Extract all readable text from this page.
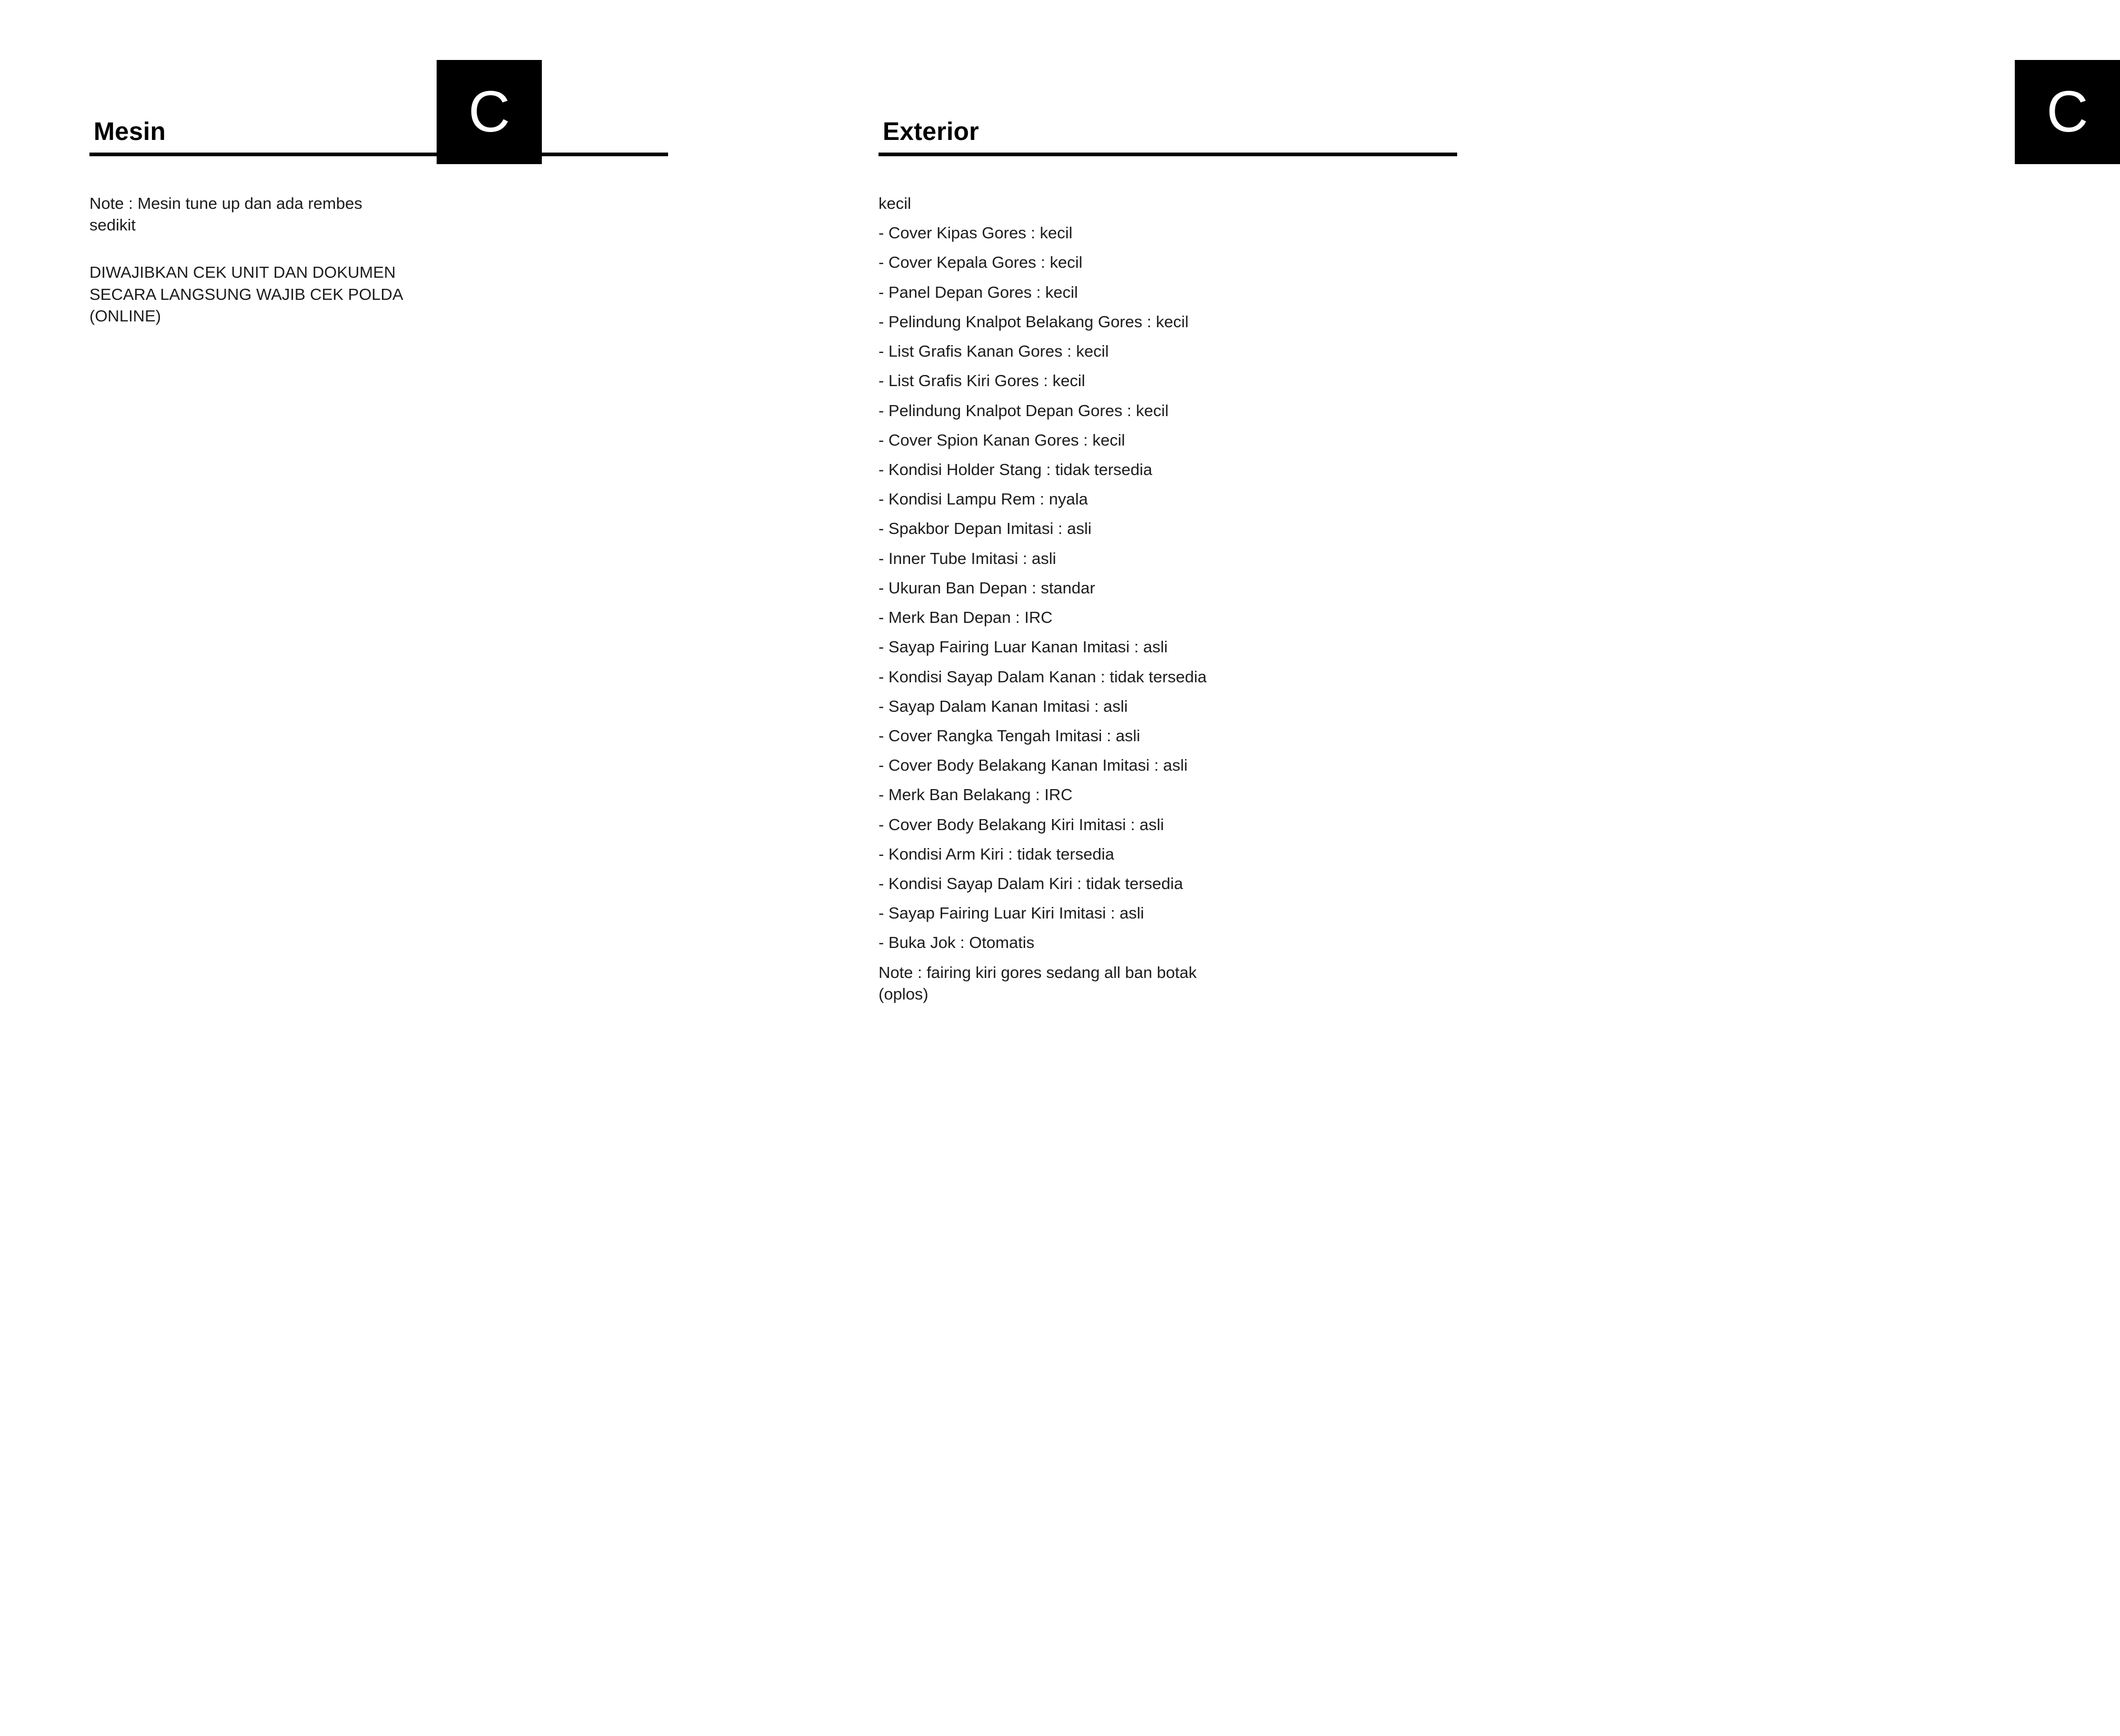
Mesin	C
Note : Mesin tune up dan ada rembes sedikit
DIWAJIBKAN CEK UNIT DAN DOKUMEN SECARA LANGSUNG WAJIB CEK POLDA (ONLINE)
Exterior	C
kecil
- Cover Kipas Gores : kecil
- Cover Kepala Gores : kecil
- Panel Depan Gores : kecil
- Pelindung Knalpot Belakang Gores : kecil
- List Grafis Kanan Gores : kecil
- List Grafis Kiri Gores : kecil
- Pelindung Knalpot Depan Gores : kecil
- Cover Spion Kanan Gores : kecil
- Kondisi Holder Stang : tidak tersedia
- Kondisi Lampu Rem : nyala
- Spakbor Depan Imitasi : asli
- Inner Tube Imitasi : asli
- Ukuran Ban Depan : standar
- Merk Ban Depan : IRC
- Sayap Fairing Luar Kanan Imitasi : asli
- Kondisi Sayap Dalam Kanan : tidak tersedia
- Sayap Dalam Kanan Imitasi : asli
- Cover Rangka Tengah Imitasi : asli
- Cover Body Belakang Kanan Imitasi : asli
- Merk Ban Belakang : IRC
- Cover Body Belakang Kiri Imitasi : asli
- Kondisi Arm Kiri : tidak tersedia
- Kondisi Sayap Dalam Kiri : tidak tersedia
- Sayap Fairing Luar Kiri Imitasi : asli
- Buka Jok : Otomatis
Note : fairing kiri gores sedang all ban botak (oplos)
